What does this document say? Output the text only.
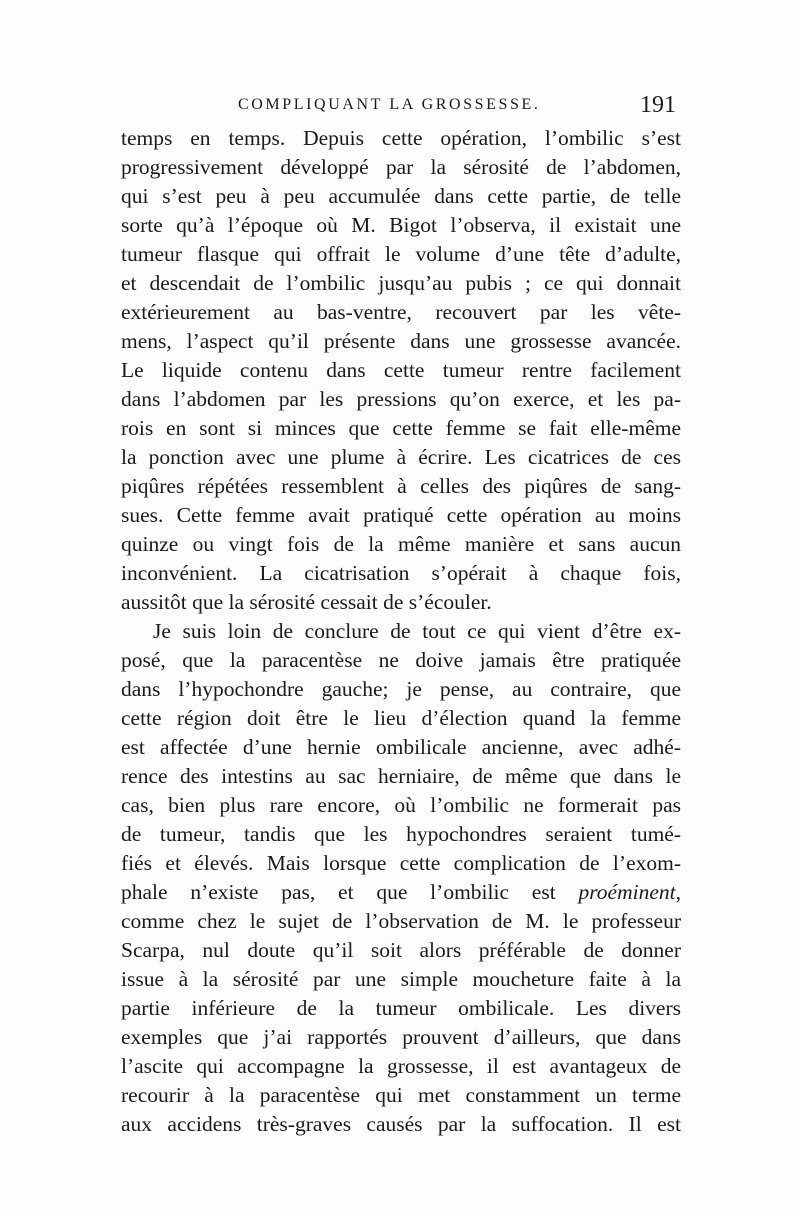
COMPLIQUANT LA GROSSESSE.	191
temps en temps. Depuis cette opération, l’ombilic s’est
progressivement développé par la sérosité de l’abdomen,
qui s’est peu à peu accumulée dans cette partie, de telle
sorte qu’à l’époque où M. Bigot l’observa, il existait une
tumeur flasque qui offrait le volume d’une tête d’adulte,
et descendait de l’ombilic jusqu’au pubis ; ce qui donnait
extérieurement au bas-ventre, recouvert par les vête-
mens, l’aspect qu’il présente dans une grossesse avancée.
Le liquide contenu dans cette tumeur rentre facilement
dans l’abdomen par les pressions qu’on exerce, et les pa-
rois en sont si minces que cette femme se fait elle-même
la ponction avec une plume à écrire. Les cicatrices de ces
piqûres répétées ressemblent à celles des piqûres de sang-
sues. Cette femme avait pratiqué cette opération au moins
quinze ou vingt fois de la même manière et sans aucun
inconvénient. La cicatrisation s’opérait à chaque fois,
aussitôt que la sérosité cessait de s’écouler.
Je suis loin de conclure de tout ce qui vient d’être ex-
posé, que la paracentèse ne doive jamais être pratiquée
dans l’hypochondre gauche; je pense, au contraire, que
cette région doit être le lieu d’élection quand la femme
est affectée d’une hernie ombilicale ancienne, avec adhé-
rence des intestins au sac herniaire, de même que dans le
cas, bien plus rare encore, où l’ombilic ne formerait pas
de tumeur, tandis que les hypochondres seraient tumé-
fiés et élevés. Mais lorsque cette complication de l’exom-
phale n’existe pas, et que l’ombilic est proéminent,
comme chez le sujet de l’observation de M. le professeur
Scarpa, nul doute qu’il soit alors préférable de donner
issue à la sérosité par une simple moucheture faite à la
partie inférieure de la tumeur ombilicale. Les divers
exemples que j’ai rapportés prouvent d’ailleurs, que dans
l’ascite qui accompagne la grossesse, il est avantageux de
recourir à la paracentèse qui met constamment un terme
aux accidens très-graves causés par la suffocation. Il est
